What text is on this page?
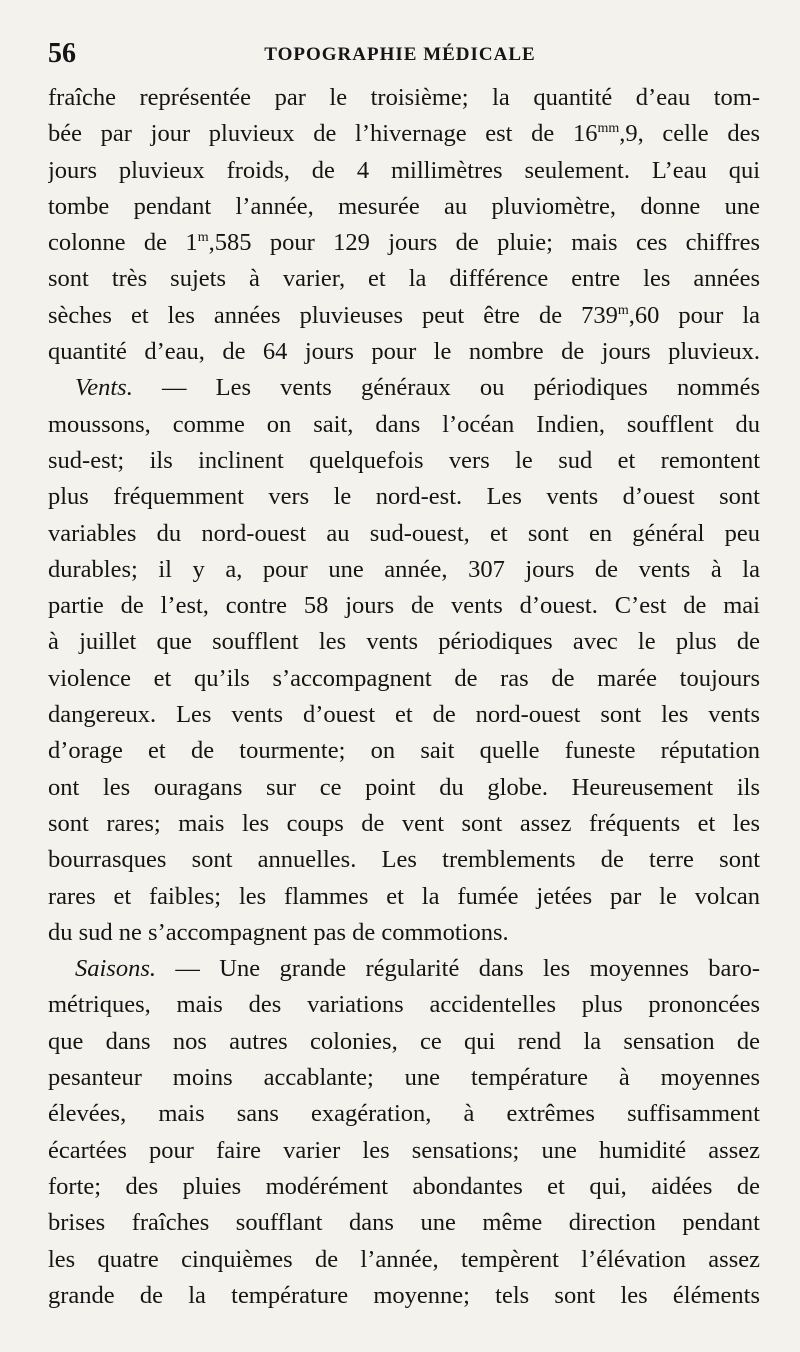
56	TOPOGRAPHIE MÉDICALE
fraîche représentée par le troisième; la quantité d’eau tom-
bée par jour pluvieux de l’hivernage est de $16^{mm},9$, celle des
jours pluvieux froids, de 4 millimètres seulement. L’eau qui
tombe pendant l’année, mesurée au pluviomètre, donne une
colonne de 1$^m$,585 pour 129 jours de pluie; mais ces chiffres
sont très sujets à varier, et la différence entre les années
sèches et les années pluvieuses peut être de 739$^m$,60 pour la
quantité d’eau, de 64 jours pour le nombre de jours pluvieux.
Vents. — Les vents généraux ou périodiques nommés
moussons, comme on sait, dans l’océan Indien, soufflent du
sud-est; ils inclinent quelquefois vers le sud et remontent
plus fréquemment vers le nord-est. Les vents d’ouest sont
variables du nord-ouest au sud-ouest, et sont en général peu
durables; il y a, pour une année, 307 jours de vents à la
partie de l’est, contre 58 jours de vents d’ouest. C’est de mai
à juillet que soufflent les vents périodiques avec le plus de
violence et qu’ils s’accompagnent de ras de marée toujours
dangereux. Les vents d’ouest et de nord-ouest sont les vents
d’orage et de tourmente; on sait quelle funeste réputation
ont les ouragans sur ce point du globe. Heureusement ils
sont rares; mais les coups de vent sont assez fréquents et les
bourrasques sont annuelles. Les tremblements de terre sont
rares et faibles; les flammes et la fumée jetées par le volcan
du sud ne s’accompagnent pas de commotions.
Saisons. — Une grande régularité dans les moyennes baro-
métriques, mais des variations accidentelles plus prononcées
que dans nos autres colonies, ce qui rend la sensation de
pesanteur moins accablante; une température à moyennes
élevées, mais sans exagération, à extrêmes suffisamment
écartées pour faire varier les sensations; une humidité assez
forte; des pluies modérément abondantes et qui, aidées de
brises fraîches soufflant dans une même direction pendant
les quatre cinquièmes de l’année, tempèrent l’élévation assez
grande de la température moyenne; tels sont les éléments
